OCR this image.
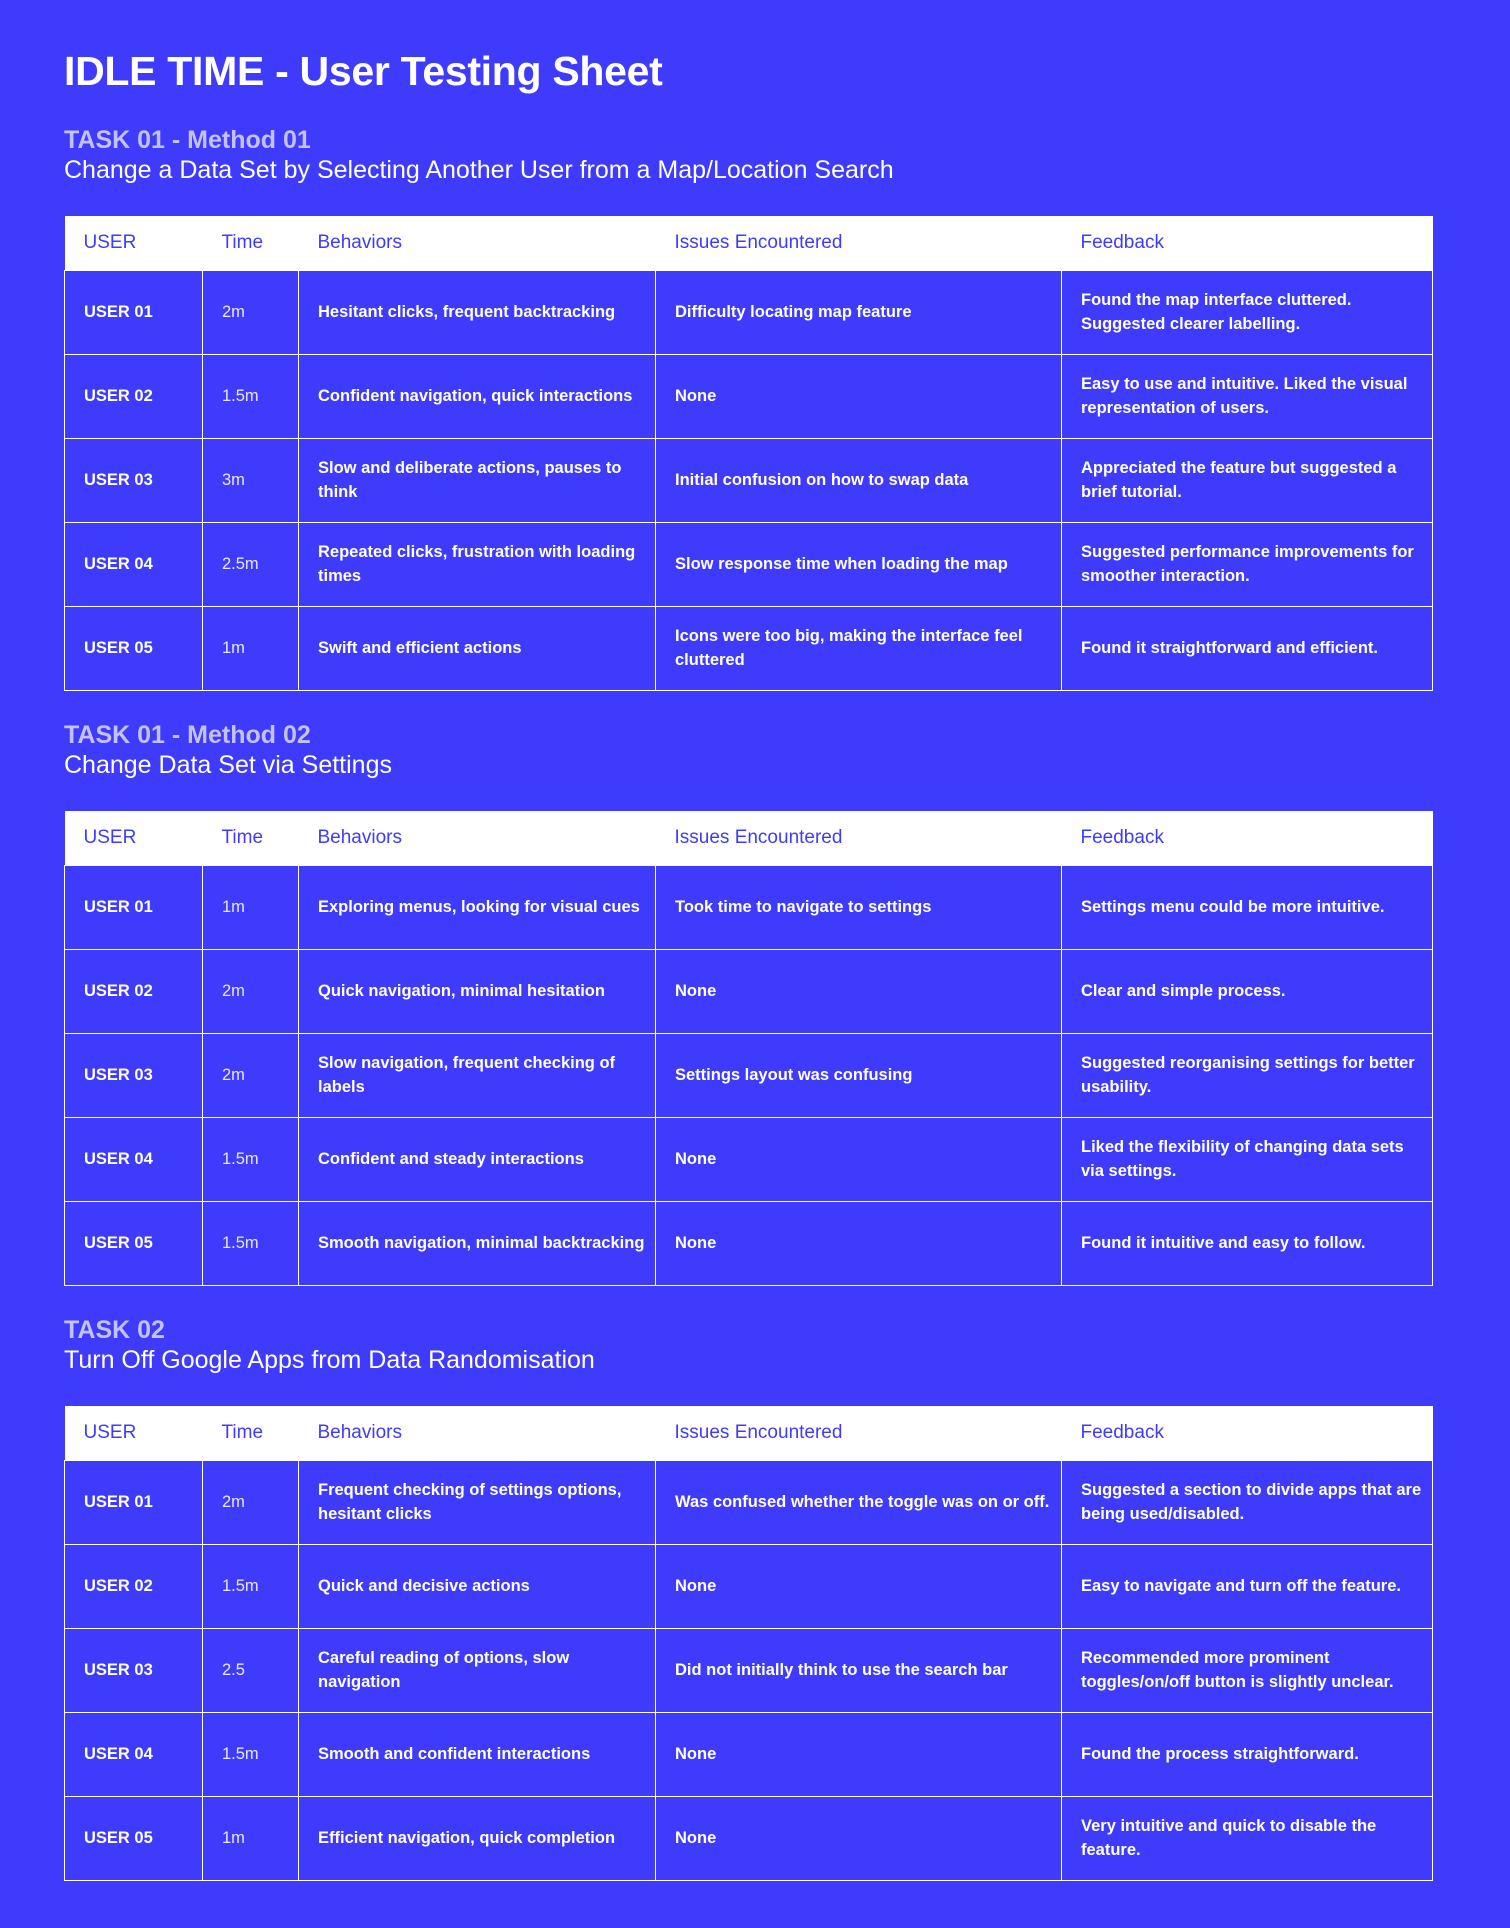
IDLE TIME - User Testing Sheet
TASK 01 - Method 01
Change a Data Set by Selecting Another User from a Map/Location Search
USER	Time	Behaviors	Issues Encountered	Feedback
USER 01	2m	Hesitant clicks, frequent backtracking	Difficulty locating map feature	Found the map interface cluttered. Suggested clearer labelling.
USER 02	1.5m	Confident navigation, quick interactions	None	Easy to use and intuitive. Liked the visual representation of users.
USER 03	3m	Slow and deliberate actions, pauses to think	Initial confusion on how to swap data	Appreciated the feature but suggested a brief tutorial.
USER 04	2.5m	Repeated clicks, frustration with loading times	Slow response time when loading the map	Suggested performance improvements for smoother interaction.
USER 05	1m	Swift and efficient actions	Icons were too big, making the interface feel cluttered	Found it straightforward and efficient.
TASK 01 - Method 02
Change Data Set via Settings
USER	Time	Behaviors	Issues Encountered	Feedback
USER 01	1m	Exploring menus, looking for visual cues	Took time to navigate to settings	Settings menu could be more intuitive.
USER 02	2m	Quick navigation, minimal hesitation	None	Clear and simple process.
USER 03	2m	Slow navigation, frequent checking of labels	Settings layout was confusing	Suggested reorganising settings for better usability.
USER 04	1.5m	Confident and steady interactions	None	Liked the flexibility of changing data sets via settings.
USER 05	1.5m	Smooth navigation, minimal backtracking	None	Found it intuitive and easy to follow.
TASK 02
Turn Off Google Apps from Data Randomisation
USER	Time	Behaviors	Issues Encountered	Feedback
USER 01	2m	Frequent checking of settings options, hesitant clicks	Was confused whether the toggle was on or off.	Suggested a section to divide apps that are being used/disabled.
USER 02	1.5m	Quick and decisive actions	None	Easy to navigate and turn off the feature.
USER 03	2.5	Careful reading of options, slow navigation	Did not initially think to use the search bar	Recommended more prominent toggles/on/off button is slightly unclear.
USER 04	1.5m	Smooth and confident interactions	None	Found the process straightforward.
USER 05	1m	Efficient navigation, quick completion	None	Very intuitive and quick to disable the feature.
